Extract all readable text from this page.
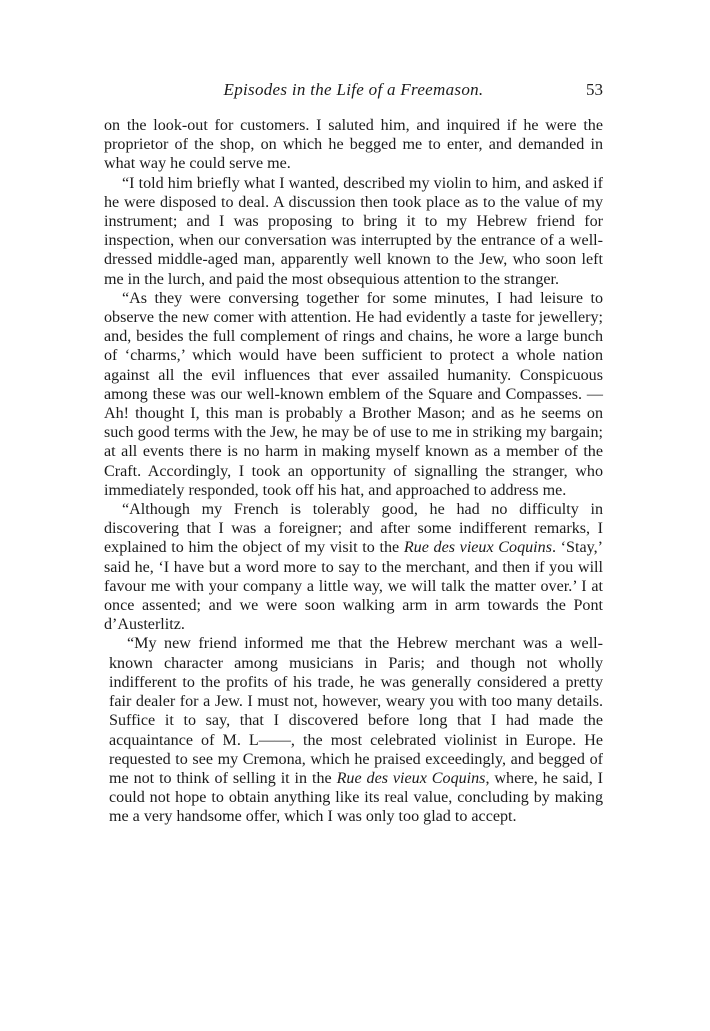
Episodes in the Life of a Freemason.	53

on the look-out for customers. I saluted him, and inquired if he were the proprietor of the shop, on which he begged me to enter, and demanded in what way he could serve me.

“I told him briefly what I wanted, described my violin to him, and asked if he were disposed to deal. A discussion then took place as to the value of my instrument; and I was proposing to bring it to my Hebrew friend for inspection, when our conversation was interrupted by the entrance of a well-dressed middle-aged man, apparently well known to the Jew, who soon left me in the lurch, and paid the most obsequious attention to the stranger.

“As they were conversing together for some minutes, I had leisure to observe the new comer with attention. He had evidently a taste for jewellery; and, besides the full complement of rings and chains, he wore a large bunch of ‘charms,’ which would have been sufficient to protect a whole nation against all the evil influences that ever assailed humanity. Conspicuous among these was our well-known emblem of the Square and Compasses. —Ah! thought I, this man is probably a Brother Mason; and as he seems on such good terms with the Jew, he may be of use to me in striking my bargain; at all events there is no harm in making myself known as a member of the Craft. Accordingly, I took an opportunity of signalling the stranger, who immediately responded, took off his hat, and approached to address me.

“Although my French is tolerably good, he had no difficulty in discovering that I was a foreigner; and after some indifferent remarks, I explained to him the object of my visit to the Rue des vieux Coquins. ‘Stay,’ said he, ‘I have but a word more to say to the merchant, and then if you will favour me with your company a little way, we will talk the matter over.’ I at once assented; and we were soon walking arm in arm towards the Pont d’Austerlitz.

“My new friend informed me that the Hebrew merchant was a well-known character among musicians in Paris; and though not wholly indifferent to the profits of his trade, he was generally considered a pretty fair dealer for a Jew. I must not, however, weary you with too many details. Suffice it to say, that I discovered before long that I had made the acquaintance of M. L——, the most celebrated violinist in Europe. He requested to see my Cremona, which he praised exceedingly, and begged of me not to think of selling it in the Rue des vieux Coquins, where, he said, I could not hope to obtain anything like its real value, concluding by making me a very handsome offer, which I was only too glad to accept.
